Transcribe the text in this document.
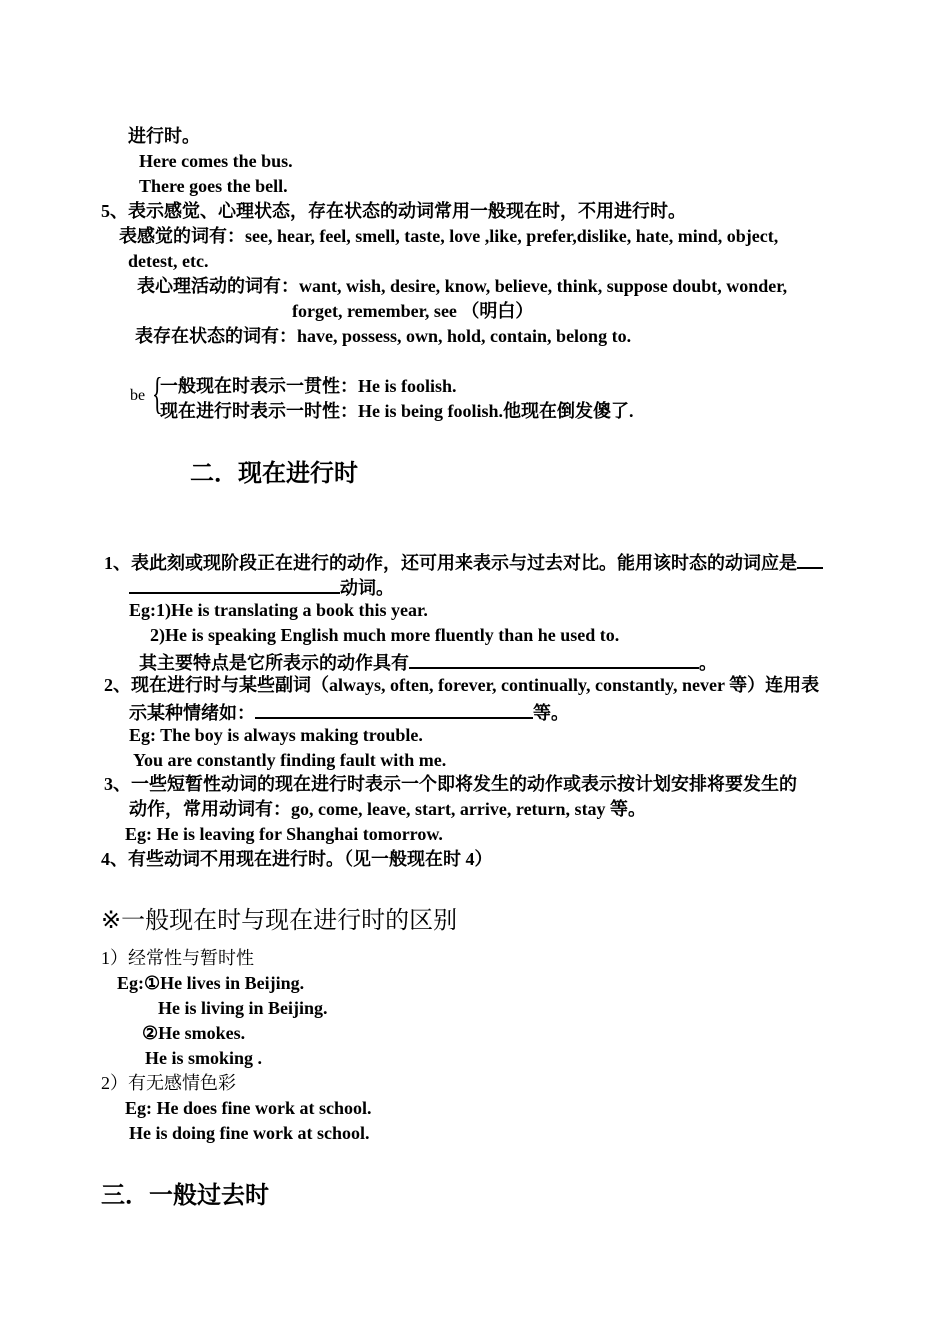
进行时。
Here comes the bus.
There goes the bell.
5、表示感觉、心理状态，存在状态的动词常用一般现在时，不用进行时。
表感觉的词有：see, hear, feel, smell, taste, love ,like, prefer,dislike, hate, mind, object,
detest, etc.
表心理活动的词有：want, wish, desire, know, believe, think, suppose doubt, wonder,
forget, remember, see （明白）
表存在状态的词有：have, possess, own, hold, contain, belong to.
be {
一般现在时表示一贯性：He is foolish.
现在进行时表示一时性：He is being foolish.他现在倒发傻了.
二．现在进行时
1、表此刻或现阶段正在进行的动作，还可用来表示与过去对比。能用该时态的动词应是
动词。
Eg:1)He is translating a book this year.
2)He is speaking English much more fluently than he used to.
其主要特点是它所表示的动作具有	。
2、现在进行时与某些副词（always, often, forever, continually, constantly, never 等）连用表
示某种情绪如：	等。
Eg: The boy is always making trouble.
You are constantly finding fault with me.
3、一些短暂性动词的现在进行时表示一个即将发生的动作或表示按计划安排将要发生的
动作，常用动词有：go, come, leave, start, arrive, return, stay 等。
Eg: He is leaving for Shanghai tomorrow.
4、有些动词不用现在进行时。（见一般现在时 4）
※一般现在时与现在进行时的区别
1）经常性与暂时性
Eg:①He lives in Beijing.
He is living in Beijing.
②He smokes.
He is smoking .
2）有无感情色彩
Eg: He does fine work at school.
He is doing fine work at school.
三．一般过去时
